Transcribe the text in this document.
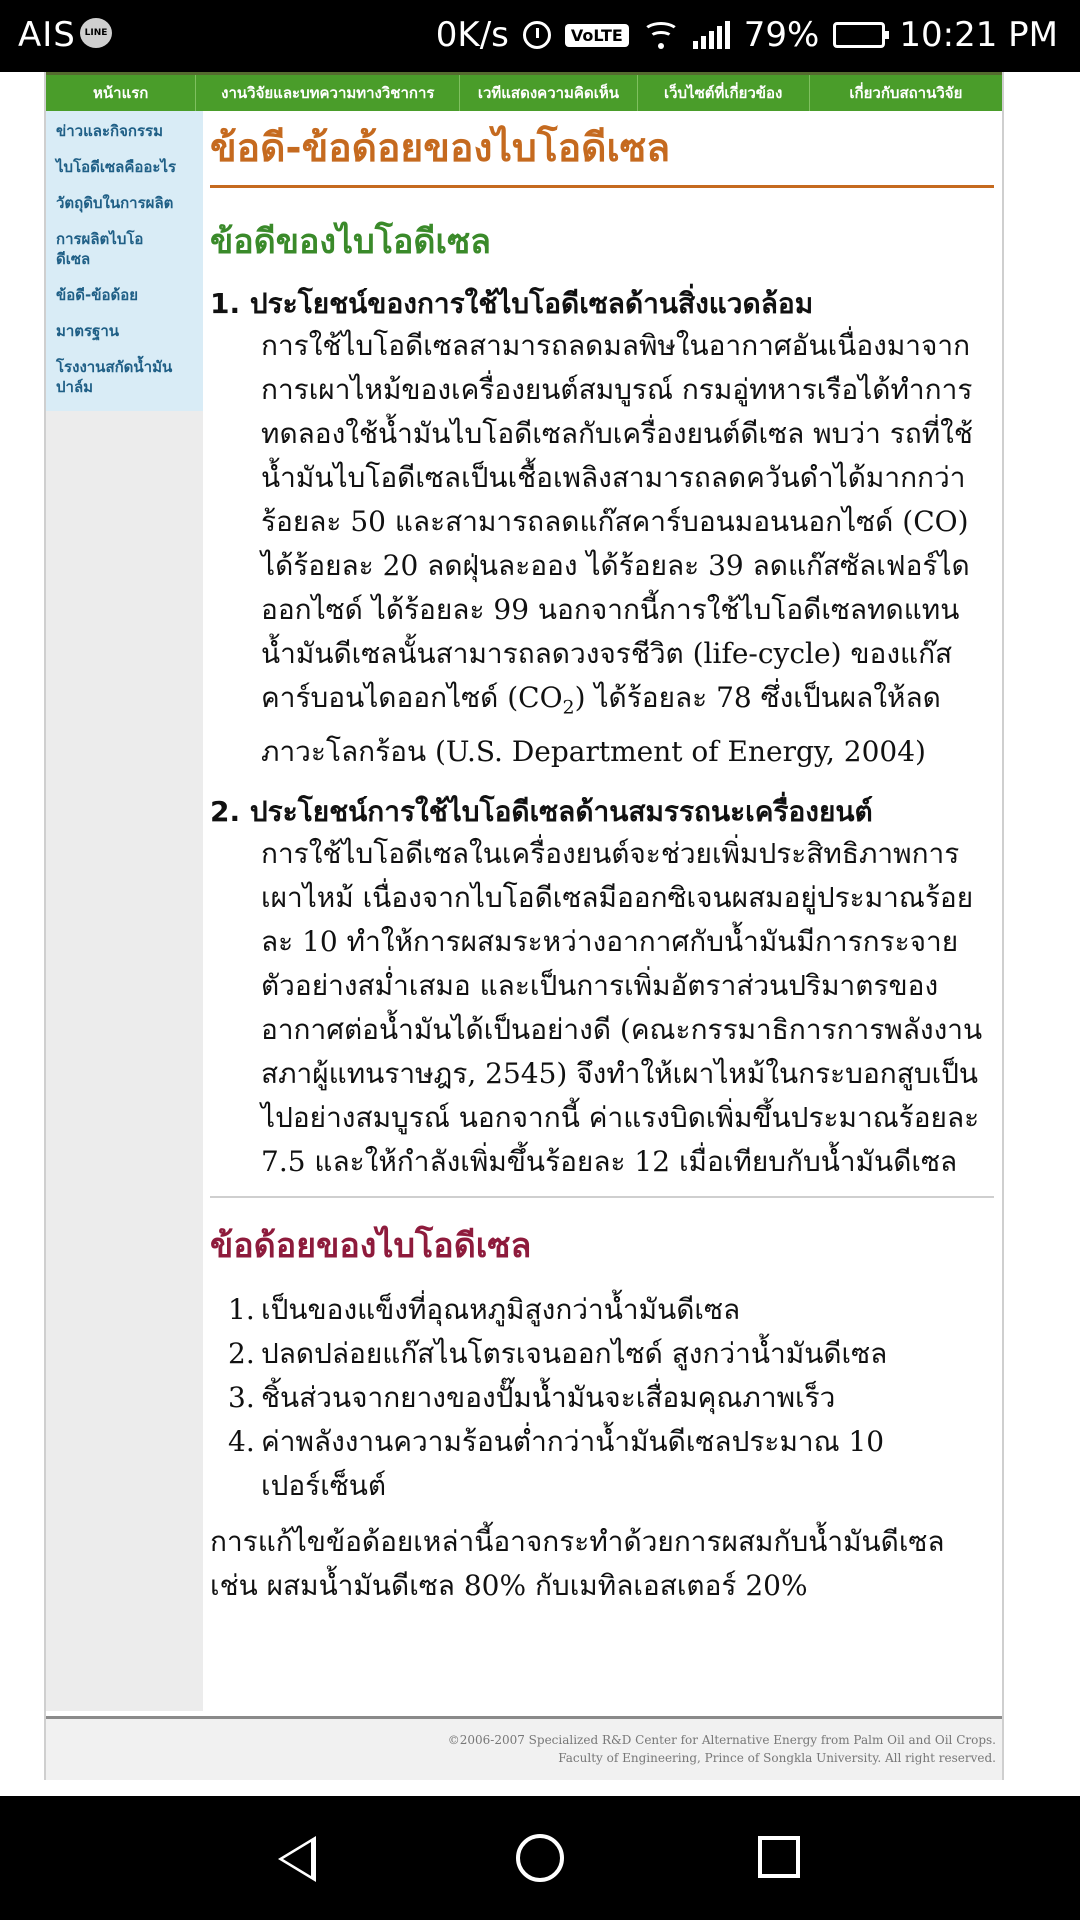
AIS LINE	0K/s	VoLTE	79% 10:21 PM
หน้าแรก	งานวิจัยและบทความทางวิชาการ	เวทีแสดงความคิดเห็น	เว็บไซต์ที่เกี่ยวข้อง	เกี่ยวกับสถานวิจัย
ข่าวและกิจกรรม
ไบโอดีเซลคืออะไร
วัตถุดิบในการผลิต
การผลิตไบโอดีเซล
ข้อดี-ข้อด้อย
มาตรฐาน
โรงงานสกัดน้ำมันปาล์ม
ข้อดี-ข้อด้อยของไบโอดีเซล
ข้อดีของไบโอดีเซล
1. ประโยชน์ของการใช้ไบโอดีเซลด้านสิ่งแวดล้อม

การใช้ไบโอดีเซลสามารถลดมลพิษในอากาศอันเนื่องมาจากการเผาไหม้ของเครื่องยนต์สมบูรณ์ กรมอู่ทหารเรือได้ทำการทดลองใช้น้ำมันไบโอดีเซลกับเครื่องยนต์ดีเซล พบว่า รถที่ใช้น้ำมันไบโอดีเซลเป็นเชื้อเพลิงสามารถลดควันดำได้มากกว่าร้อยละ 50 และสามารถลดแก๊สคาร์บอนมอนนอกไซด์ (CO) ได้ร้อยละ 20 ลดฝุ่นละออง ได้ร้อยละ 39 ลดแก๊สซัลเฟอร์ไดออกไซด์ ได้ร้อยละ 99 นอกจากนี้การใช้ไบโอดีเซลทดแทนน้ำมันดีเซลนั้นสามารถลดวงจรชีวิต (life-cycle) ของแก๊สคาร์บอนไดออกไซด์ $(CO_2)$ ได้ร้อยละ 78 ซึ่งเป็นผลให้ลดภาวะโลกร้อน (U.S. Department of Energy, 2004)

2. ประโยชน์การใช้ไบโอดีเซลด้านสมรรถนะเครื่องยนต์

การใช้ไบโอดีเซลในเครื่องยนต์จะช่วยเพิ่มประสิทธิภาพการเผาไหม้ เนื่องจากไบโอดีเซลมีออกซิเจนผสมอยู่ประมาณร้อยละ 10 ทำให้การผสมระหว่างอากาศกับน้ำมันมีการกระจายตัวอย่างสม่ำเสมอ และเป็นการเพิ่มอัตราส่วนปริมาตรของอากาศต่อน้ำมันได้เป็นอย่างดี (คณะกรรมาธิการการพลังงาน สภาผู้แทนราษฎร, 2545) จึงทำให้เผาไหม้ในกระบอกสูบเป็นไปอย่างสมบูรณ์ นอกจากนี้ ค่าแรงบิดเพิ่มขึ้นประมาณร้อยละ 7.5 และให้กำลังเพิ่มขึ้นร้อยละ 12 เมื่อเทียบกับน้ำมันดีเซล

ข้อด้อยของไบโอดีเซล
1. เป็นของแข็งที่อุณหภูมิสูงกว่าน้ำมันดีเซล
2. ปลดปล่อยแก๊สไนโตรเจนออกไซด์ สูงกว่าน้ำมันดีเซล
3. ชิ้นส่วนจากยางของปั๊มน้ำมันจะเสื่อมคุณภาพเร็ว
4. ค่าพลังงานความร้อนต่ำกว่าน้ำมันดีเซลประมาณ 10 เปอร์เซ็นต์

การแก้ไขข้อด้อยเหล่านี้อาจกระทำด้วยการผสมกับน้ำมันดีเซล เช่น ผสมน้ำมันดีเซล 80% กับเมทิลเอสเตอร์ 20%

©2006-2007 Specialized R&D Center for Alternative Energy from Palm Oil and Oil Crops.
Faculty of Engineering, Prince of Songkla University. All right reserved.
